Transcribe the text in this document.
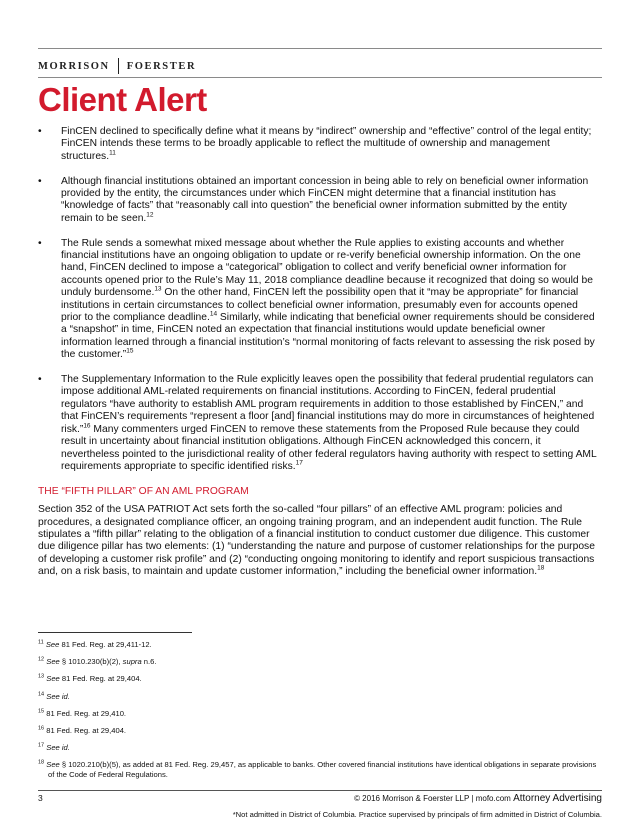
MORRISON FOERSTER
Client Alert
• FinCEN declined to specifically define what it means by “indirect” ownership and “effective” control of the legal entity; FinCEN intends these terms to be broadly applicable to reflect the multitude of ownership and management structures.$^{11}$
• Although financial institutions obtained an important concession in being able to rely on beneficial owner information provided by the entity, the circumstances under which FinCEN might determine that a financial institution has “knowledge of facts” that “reasonably call into question” the beneficial owner information submitted by the entity remain to be seen.$^{12}$
• The Rule sends a somewhat mixed message about whether the Rule applies to existing accounts and whether financial institutions have an ongoing obligation to update or re-verify beneficial ownership information. On the one hand, FinCEN declined to impose a “categorical” obligation to collect and verify beneficial owner information for accounts opened prior to the Rule’s May 11, 2018 compliance deadline because it recognized that doing so would be unduly burdensome.$^{13}$ On the other hand, FinCEN left the possibility open that it “may be appropriate” for financial institutions in certain circumstances to collect beneficial owner information, presumably even for accounts opened prior to the compliance deadline.$^{14}$ Similarly, while indicating that beneficial owner requirements should be considered a “snapshot” in time, FinCEN noted an expectation that financial institutions would update beneficial owner information learned through a financial institution’s “normal monitoring of facts relevant to assessing the risk posed by the customer.”$^{15}$
• The Supplementary Information to the Rule explicitly leaves open the possibility that federal prudential regulators can impose additional AML-related requirements on financial institutions. According to FinCEN, federal prudential regulators “have authority to establish AML program requirements in addition to those established by FinCEN,” and that FinCEN’s requirements “represent a floor [and] financial institutions may do more in circumstances of heightened risk.”$^{16}$ Many commenters urged FinCEN to remove these statements from the Proposed Rule because they could result in uncertainty about financial institution obligations. Although FinCEN acknowledged this concern, it nevertheless pointed to the jurisdictional reality of other federal regulators having authority with respect to setting AML requirements appropriate to specific identified risks.$^{17}$
THE “FIFTH PILLAR” OF AN AML PROGRAM

Section 352 of the USA PATRIOT Act sets forth the so-called “four pillars” of an effective AML program: policies and procedures, a designated compliance officer, an ongoing training program, and an independent audit function. The Rule stipulates a “fifth pillar” relating to the obligation of a financial institution to conduct customer due diligence. This customer due diligence pillar has two elements: (1) “understanding the nature and purpose of customer relationships for the purpose of developing a customer risk profile” and (2) “conducting ongoing monitoring to identify and report suspicious transactions and, on a risk basis, to maintain and update customer information,” including the beneficial owner information.$^{18}$

$^{11}$ See 81 Fed. Reg. at 29,411-12.
$^{12}$ See § 1010.230(b)(2), supra n.6.
$^{13}$ See 81 Fed. Reg. at 29,404.
$^{14}$ See id.
$^{15}$ 81 Fed. Reg. at 29,410.
$^{16}$ 81 Fed. Reg. at 29,404.
$^{17}$ See id.
$^{18}$ See § 1020.210(b)(5), as added at 81 Fed. Reg. 29,457, as applicable to banks. Other covered financial institutions have identical obligations in separate provisions of the Code of Federal Regulations.
3	© 2016 Morrison & Foerster LLP | mofo.com Attorney Advertising
*Not admitted in District of Columbia. Practice supervised by principals of firm admitted in District of Columbia.
